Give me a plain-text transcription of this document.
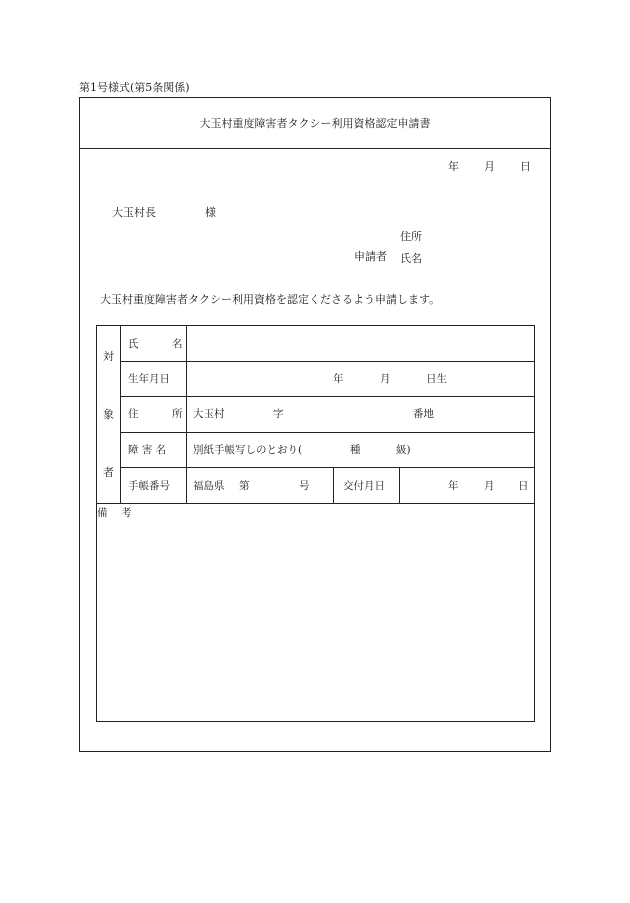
第1号様式(第5条関係)
大玉村重度障害者タクシー利用資格認定申請書
年 月 日
大玉村長	様
住所
申請者 氏名
大玉村重度障害者タクシー利用資格を認定くださるよう申請します。
対
象
者
氏	名
生年月日	年	月	日生
住	所 大玉村	字	番地
障 害 名	別紙手帳写しのとおり(	種	級)
手帳番号 福島県 第	号	交付月日	年 月 日
備 考
